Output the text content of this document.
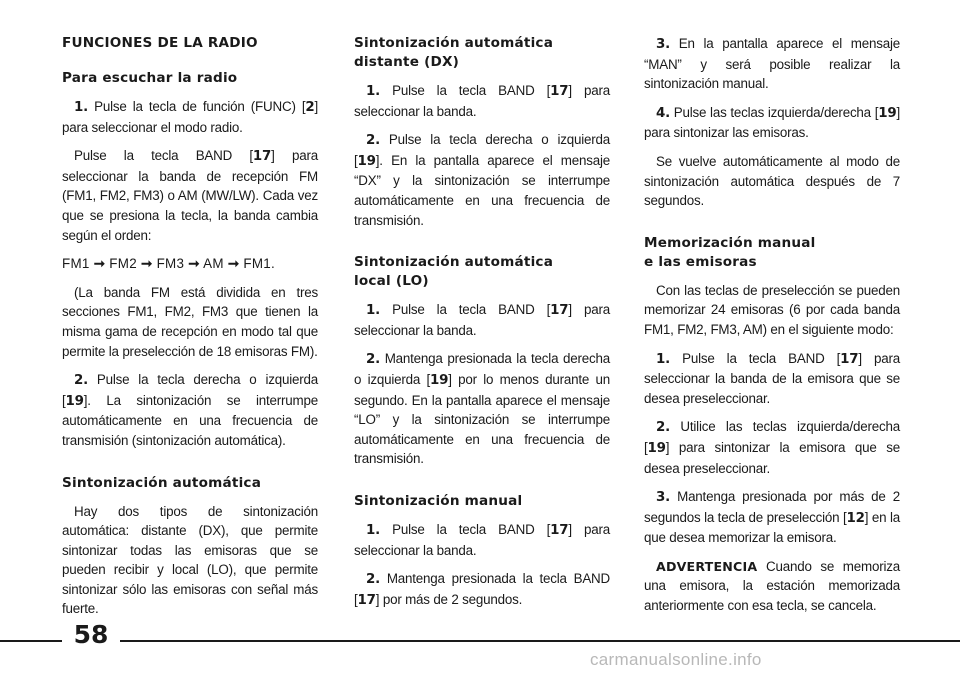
FUNCIONES DE LA RADIO
Para escuchar la radio

1. Pulse la tecla de función (FUNC) [2] para seleccionar el modo radio.

Pulse la tecla BAND [17] para seleccionar la banda de recepción FM (FM1, FM2, FM3) o AM (MW/LW). Cada vez que se presiona la tecla, la banda cambia según el orden:

FM1 ➞ FM2 ➞ FM3 ➞ AM ➞ FM1.

(La banda FM está dividida en tres secciones FM1, FM2, FM3 que tienen la misma gama de recepción en modo tal que permite la preselección de 18 emisoras FM).

2. Pulse la tecla derecha o izquierda [19]. La sintonización se interrumpe automáticamente en una frecuencia de transmisión (sintonización automática).

Sintonización automática

Hay dos tipos de sintonización automática: distante (DX), que permite sintonizar todas las emisoras que se pueden recibir y local (LO), que permite sintonizar sólo las emisoras con señal más fuerte.

Sintonización automática
distante (DX)

1. Pulse la tecla BAND [17] para seleccionar la banda.

2. Pulse la tecla derecha o izquierda [19]. En la pantalla aparece el mensaje “DX” y la sintonización se interrumpe automáticamente en una frecuencia de transmisión.

Sintonización automática
local (LO)

1. Pulse la tecla BAND [17] para seleccionar la banda.

2. Mantenga presionada la tecla derecha o izquierda [19] por lo menos durante un segundo. En la pantalla aparece el mensaje “LO” y la sintonización se interrumpe automáticamente en una frecuencia de transmisión.

Sintonización manual

1. Pulse la tecla BAND [17] para seleccionar la banda.

2. Mantenga presionada la tecla BAND [17] por más de 2 segundos.

3. En la pantalla aparece el mensaje “MAN” y será posible realizar la sintonización manual.

4. Pulse las teclas izquierda/derecha [19] para sintonizar las emisoras.

Se vuelve automáticamente al modo de sintonización automática después de 7 segundos.

Memorización manual
e las emisoras

Con las teclas de preselección se pueden memorizar 24 emisoras (6 por cada banda FM1, FM2, FM3, AM) en el siguiente modo:

1. Pulse la tecla BAND [17] para seleccionar la banda de la emisora que se desea preseleccionar.

2. Utilice las teclas izquierda/derecha [19] para sintonizar la emisora que se desea preseleccionar.

3. Mantenga presionada por más de 2 segundos la tecla de preselección [12] en la que desea memorizar la emisora.

ADVERTENCIA Cuando se memoriza una emisora, la estación memorizada anteriormente con esa tecla, se cancela.

58
carmanualsonline.info
